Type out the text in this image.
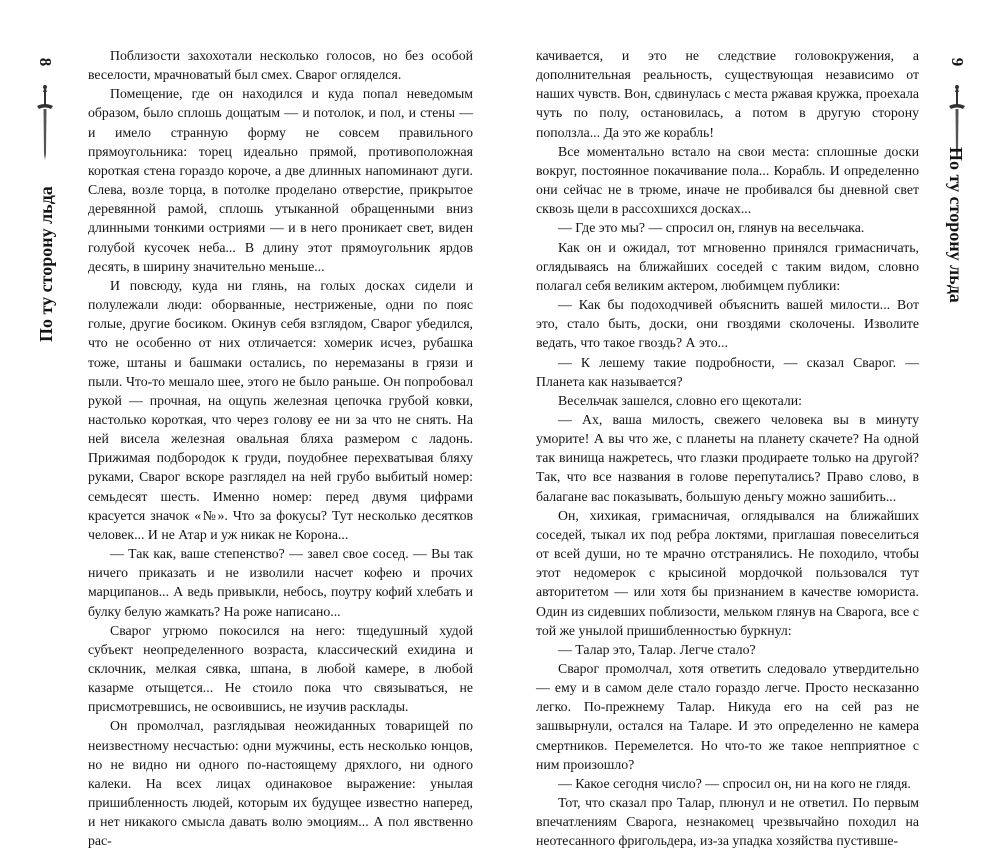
8
По ту сторону льда

Поблизости захохотали несколько голосов, но без особой веселости, мрачноватый был смех. Сварог огляделся.

Помещение, где он находился и куда попал неведомым образом, было сплошь дощатым — и потолок, и пол, и стены — и имело странную форму не совсем правильного прямоугольника: торец идеально прямой, противоположная короткая стена гораздо короче, а две длинных напоминают дуги. Слева, возле торца, в потолке проделано отверстие, прикрытое деревянной рамой, сплошь утыканной обращенными вниз длинными тонкими остриями — и в него проникает свет, виден голубой кусочек неба... В длину этот прямоугольник ярдов десять, в ширину значительно меньше...

И повсюду, куда ни глянь, на голых досках сидели и полулежали люди: оборванные, нестриженые, одни по пояс голые, другие босиком. Окинув себя взглядом, Сварог убедился, что не особенно от них отличается: хомерик исчез, рубашка тоже, штаны и башмаки остались, по неремазаны в грязи и пыли. Что-то мешало шее, этого не было раньше. Он попробовал рукой — прочная, на ощупь железная цепочка грубой ковки, настолько короткая, что через голову ее ни за что не снять. На ней висела железная овальная бляха размером с ладонь. Прижимая подбородок к груди, поудобнее перехватывая бляху руками, Сварог вскоре разглядел на ней грубо выбитый номер: семьдесят шесть. Именно номер: перед двумя цифрами красуется значок «№». Что за фокусы? Тут несколько десятков человек... И не Атар и уж никак не Корона...

— Так как, ваше степенство? — завел свое сосед. — Вы так ничего приказать и не изволили насчет кофею и прочих марципанов... А ведь привыкли, небось, поутру кофий хлебать и булку белую жамкать? На роже написано...

Сварог угрюмо покосился на него: тщедушный худой субъект неопределенного возраста, классический ехидина и склочник, мелкая сявка, шпана, в любой камере, в любой казарме отыщется... Не стоило пока что связываться, не присмотревшись, не освоившись, не изучив расклады.

Он промолчал, разглядывая неожиданных товарищей по неизвестному несчастью: одни мужчины, есть несколько юнцов, но не видно ни одного по-настоящему дряхлого, ни одного калеки. На всех лицах одинаковое выражение: унылая пришибленность людей, которым их будущее известно наперед, и нет никакого смысла давать волю эмоциям... А пол явственно рас-

качивается, и это не следствие головокружения, а дополнительная реальность, существующая независимо от наших чувств. Вон, сдвинулась с места ржавая кружка, проехала чуть по полу, остановилась, а потом в другую сторону поползла... Да это же корабль!

Все моментально встало на свои места: сплошные доски вокруг, постоянное покачивание пола... Корабль. И определенно они сейчас не в трюме, иначе не пробивался бы дневной свет сквозь щели в рассохшихся досках...

— Где это мы? — спросил он, глянув на весельчака.

Как он и ожидал, тот мгновенно принялся гримасничать, оглядываясь на ближайших соседей с таким видом, словно полагал себя великим актером, любимцем публики:

— Как бы подоходчивей объяснить вашей милости... Вот это, стало быть, доски, они гвоздями сколочены. Изволите ведать, что такое гвоздь? А это...

— К лешему такие подробности, — сказал Сварог. — Планета как называется?

Весельчак зашелся, словно его щекотали:

— Ах, ваша милость, свежего человека вы в минуту уморите! А вы что же, с планеты на планету скачете? На одной так винища нажретесь, что глазки продираете только на другой? Так, что все названия в голове перепутались? Право слово, в балагане вас показывать, большую деньгу можно зашибить...

Он, хихикая, гримасничая, оглядывался на ближайших соседей, тыкал их под ребра локтями, приглашая повеселиться от всей души, но те мрачно отстранялись. Не походило, чтобы этот недомерок с крысиной мордочкой пользовался тут авторитетом — или хотя бы признанием в качестве юмориста. Один из сидевших поблизости, мельком глянув на Сварога, все с той же унылой пришибленностью буркнул:

— Талар это, Талар. Легче стало?

Сварог промолчал, хотя ответить следовало утвердительно — ему и в самом деле стало гораздо легче. Просто несказанно легко. По-прежнему Талар. Никуда его на сей раз не зашвырнули, остался на Таларе. И это определенно не камера смертников. Перемелется. Но что-то же такое непприятное с ним произошло?

— Какое сегодня число? — спросил он, ни на кого не глядя.

Тот, что сказал про Талар, плюнул и не ответил. По первым впечатлениям Сварога, незнакомец чрезвычайно походил на неотесанного фригольдера, из-за упадка хозяйства пустивше-

9
По ту сторону льда
